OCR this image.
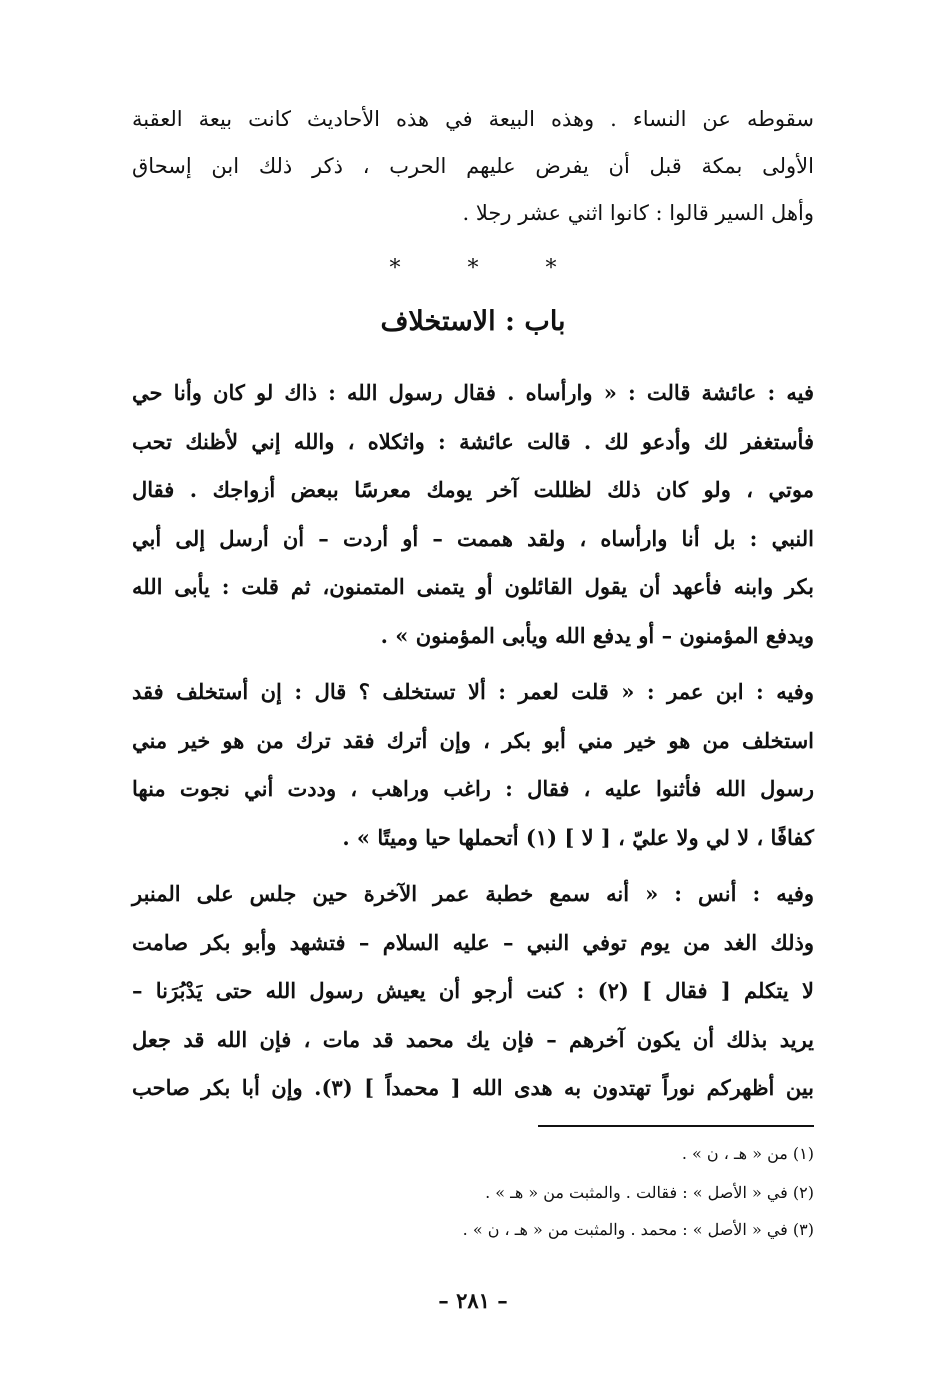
سقوطه عن النساء . وهذه البيعة في هذه الأحاديث كانت بيعة العقبة
الأولى بمكة قبل أن يفرض عليهم الحرب ، ذكر ذلك ابن إسحاق
وأهل السير قالوا : كانوا اثني عشر رجلا .
*	*	*
باب : الاستخلاف
فيه : عائشة قالت : « وارأساه . فقال رسول الله : ذاك لو كان وأنا حي
فأستغفر لك وأدعو لك . قالت عائشة : واثكلاه ، والله إني لأظنك تحب
موتي ، ولو كان ذلك لظللت آخر يومك معرسًا ببعض أزواجك . فقال
النبي : بل أنا وارأساه ، ولقد هممت – أو أردت – أن أرسل إلى أبي
بكر وابنه فأعهد أن يقول القائلون أو يتمنى المتمنون، ثم قلت : يأبى الله
ويدفع المؤمنون – أو يدفع الله ويأبى المؤمنون » .
وفيه : ابن عمر : « قلت لعمر : ألا تستخلف ؟ قال : إن أستخلف فقد
استخلف من هو خير مني أبو بكر ، وإن أترك فقد ترك من هو خير مني
رسول الله فأثنوا عليه ، فقال : راغب وراهب ، وددت أني نجوت منها
كفافًا ، لا لي ولا عليّ ، [ لا ] (١) أتحملها حيا وميتًا » .
وفيه : أنس : « أنه سمع خطبة عمر الآخرة حين جلس على المنبر
وذلك الغد من يوم توفي النبي – عليه السلام – فتشهد وأبو بكر صامت
لا يتكلم [ فقال ] (٢) : كنت أرجو أن يعيش رسول الله حتى يَدْبُرَنا –
يريد بذلك أن يكون آخرهم – فإن يك محمد قد مات ، فإن الله قد جعل
بين أظهركم نوراً تهتدون به هدى الله [ محمداً ] (٣). وإن أبا بكر صاحب
(١) من « هـ ، ن » .
(٢) في « الأصل » : فقالت . والمثبت من « هـ » .
(٣) في « الأصل » : محمد . والمثبت من « هـ ، ن » .
– ٢٨١ –
